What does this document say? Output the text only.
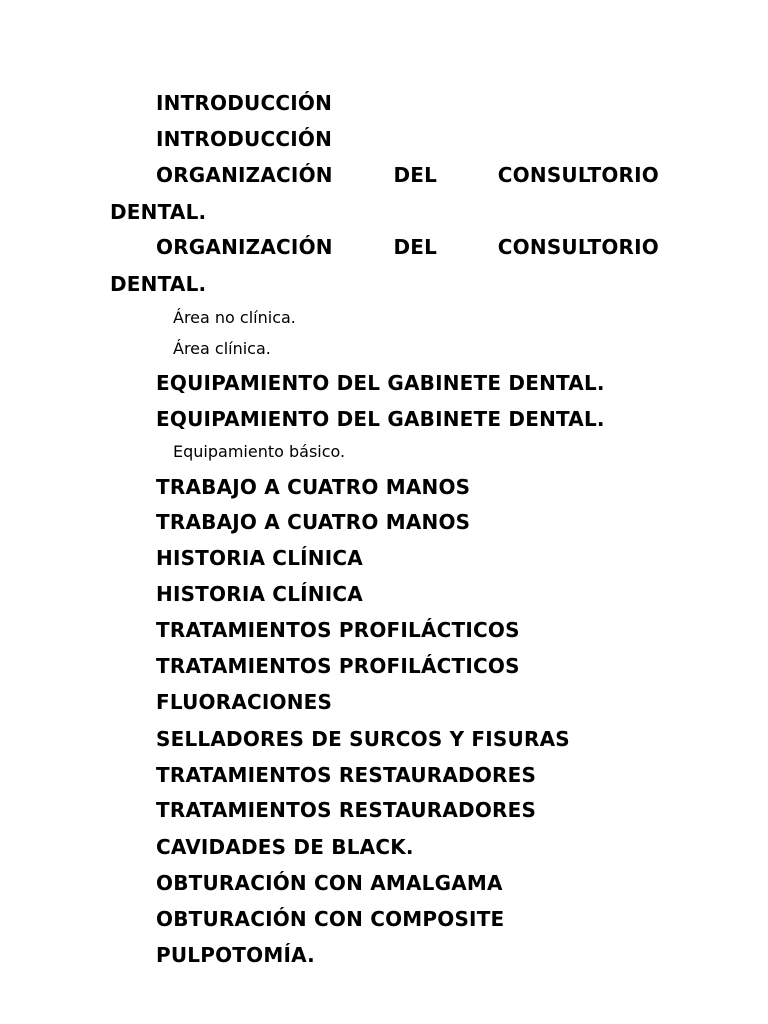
INTRODUCCIÓN
INTRODUCCIÓN
ORGANIZACIÓN	DEL	CONSULTORIO
DENTAL.
ORGANIZACIÓN	DEL	CONSULTORIO
DENTAL.
Área no clínica.
Área clínica.
EQUIPAMIENTO DEL GABINETE DENTAL.
EQUIPAMIENTO DEL GABINETE DENTAL.
Equipamiento básico.
TRABAJO A CUATRO MANOS
TRABAJO A CUATRO MANOS
HISTORIA CLÍNICA
HISTORIA CLÍNICA
TRATAMIENTOS PROFILÁCTICOS
TRATAMIENTOS PROFILÁCTICOS
FLUORACIONES
SELLADORES DE SURCOS Y FISURAS
TRATAMIENTOS RESTAURADORES
TRATAMIENTOS RESTAURADORES
CAVIDADES DE BLACK.
OBTURACIÓN CON AMALGAMA
OBTURACIÓN CON COMPOSITE
PULPOTOMÍA.
